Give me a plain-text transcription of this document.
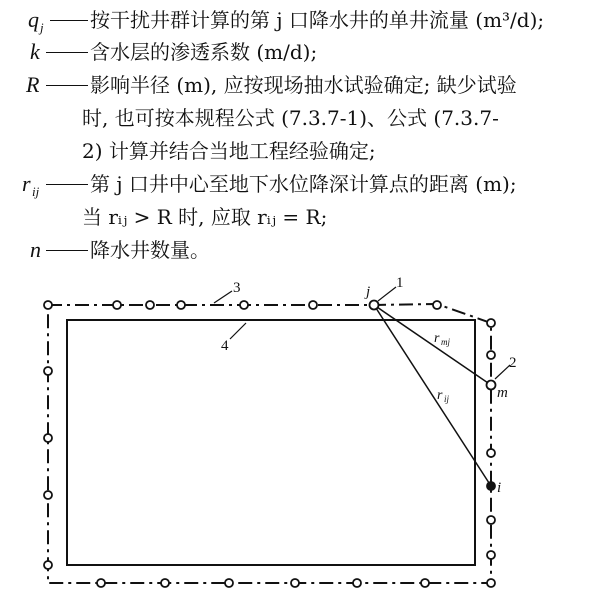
q j 按干扰井群计算的第 j 口降水井的单井流量 (m³/d);
k	含水层的渗透系数 (m/d);
R	影响半径 (m), 应按现场抽水试验确定; 缺少试验
时, 也可按本规程公式 (7.3.7-1)、公式 (7.3.7-
2) 计算并结合当地工程经验确定;
r ij	第 j 口井中心至地下水位降深计算点的距离 (m);
当 rᵢⱼ > R 时, 应取 rᵢⱼ = R;
n 降水井数量。
1
2
3
4
j
m
i
r mj
r ij
